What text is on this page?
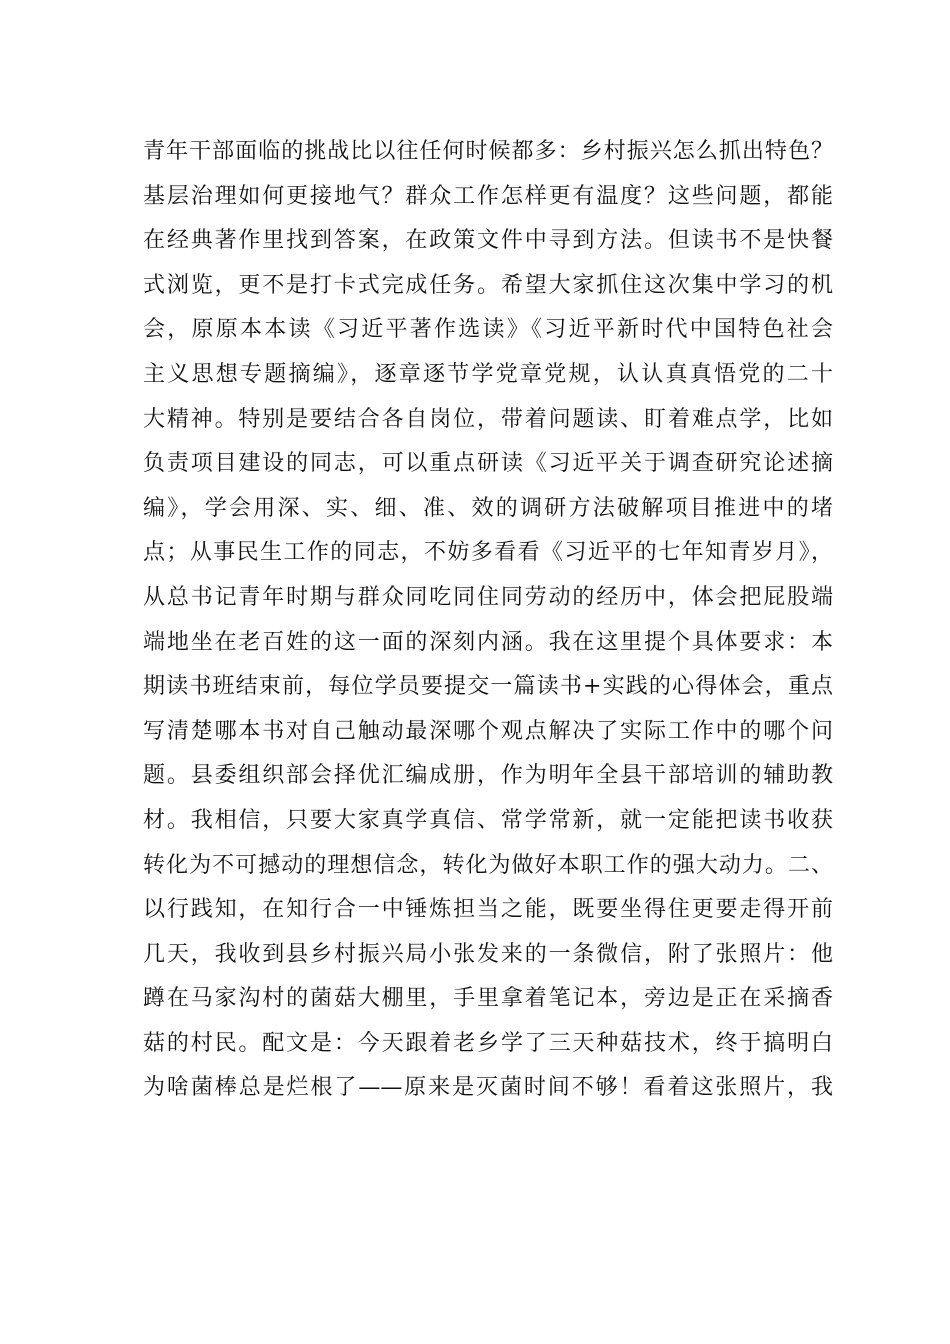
青年干部面临的挑战比以往任何时候都多：乡村振兴怎么抓出特色？
基层治理如何更接地气？群众工作怎样更有温度？这些问题，都能
在经典著作里找到答案，在政策文件中寻到方法。但读书不是快餐
式浏览，更不是打卡式完成任务。希望大家抓住这次集中学习的机
会，原原本本读《习近平著作选读》《习近平新时代中国特色社会
主义思想专题摘编》，逐章逐节学党章党规，认认真真悟党的二十
大精神。特别是要结合各自岗位，带着问题读、盯着难点学，比如
负责项目建设的同志，可以重点研读《习近平关于调查研究论述摘
编》，学会用深、实、细、准、效的调研方法破解项目推进中的堵
点；从事民生工作的同志，不妨多看看《习近平的七年知青岁月》，
从总书记青年时期与群众同吃同住同劳动的经历中，体会把屁股端
端地坐在老百姓的这一面的深刻内涵。我在这里提个具体要求：本
期读书班结束前，每位学员要提交一篇读书+实践的心得体会，重点
写清楚哪本书对自己触动最深哪个观点解决了实际工作中的哪个问
题。县委组织部会择优汇编成册，作为明年全县干部培训的辅助教
材。我相信，只要大家真学真信、常学常新，就一定能把读书收获
转化为不可撼动的理想信念，转化为做好本职工作的强大动力。二、
以行践知，在知行合一中锤炼担当之能，既要坐得住更要走得开前
几天，我收到县乡村振兴局小张发来的一条微信，附了张照片：他
蹲在马家沟村的菌菇大棚里，手里拿着笔记本，旁边是正在采摘香
菇的村民。配文是：今天跟着老乡学了三天种菇技术，终于搞明白
为啥菌棒总是烂根了——原来是灭菌时间不够！看着这张照片，我
